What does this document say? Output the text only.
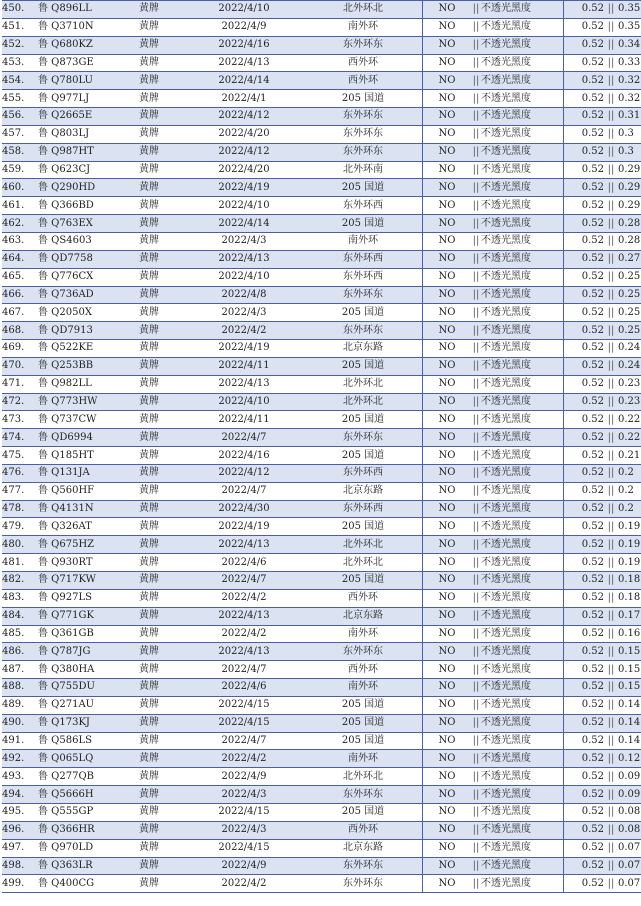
450.	鲁 Q896LL	黄牌	2022/4/10	北外环北	NO	||	不透光黑度	0.52	||	0.35
451.	鲁 Q3710N	黄牌	2022/4/9	南外环	NO	||	不透光黑度	0.52	||	0.35
452.	鲁 Q680KZ	黄牌	2022/4/16	东外环东	NO	||	不透光黑度	0.52	||	0.34
453.	鲁 Q873GE	黄牌	2022/4/13	西外环	NO	||	不透光黑度	0.52	||	0.33
454.	鲁 Q780LU	黄牌	2022/4/14	西外环	NO	||	不透光黑度	0.52	||	0.32
455.	鲁 Q977LJ	黄牌	2022/4/1	205 国道	NO	||	不透光黑度	0.52	||	0.32
456.	鲁 Q2665E	黄牌	2022/4/12	东外环东	NO	||	不透光黑度	0.52	||	0.31
457.	鲁 Q803LJ	黄牌	2022/4/20	东外环东	NO	||	不透光黑度	0.52	||	0.3
458.	鲁 Q987HT	黄牌	2022/4/12	东外环东	NO	||	不透光黑度	0.52	||	0.3
459.	鲁 Q623CJ	黄牌	2022/4/20	北外环南	NO	||	不透光黑度	0.52	||	0.29
460.	鲁 Q290HD	黄牌	2022/4/19	205 国道	NO	||	不透光黑度	0.52	||	0.29
461.	鲁 Q366BD	黄牌	2022/4/10	东外环西	NO	||	不透光黑度	0.52	||	0.29
462.	鲁 Q763EX	黄牌	2022/4/14	205 国道	NO	||	不透光黑度	0.52	||	0.28
463.	鲁 QS4603	黄牌	2022/4/3	南外环	NO	||	不透光黑度	0.52	||	0.28
464.	鲁 QD7758	黄牌	2022/4/13	东外环西	NO	||	不透光黑度	0.52	||	0.27
465.	鲁 Q776CX	黄牌	2022/4/10	东外环西	NO	||	不透光黑度	0.52	||	0.25
466.	鲁 Q736AD	黄牌	2022/4/8	东外环东	NO	||	不透光黑度	0.52	||	0.25
467.	鲁 Q2050X	黄牌	2022/4/3	205 国道	NO	||	不透光黑度	0.52	||	0.25
468.	鲁 QD7913	黄牌	2022/4/2	东外环东	NO	||	不透光黑度	0.52	||	0.25
469.	鲁 Q522KE	黄牌	2022/4/19	北京东路	NO	||	不透光黑度	0.52	||	0.24
470.	鲁 Q253BB	黄牌	2022/4/11	205 国道	NO	||	不透光黑度	0.52	||	0.24
471.	鲁 Q982LL	黄牌	2022/4/13	北外环北	NO	||	不透光黑度	0.52	||	0.23
472.	鲁 Q773HW	黄牌	2022/4/10	北外环北	NO	||	不透光黑度	0.52	||	0.23
473.	鲁 Q737CW	黄牌	2022/4/11	205 国道	NO	||	不透光黑度	0.52	||	0.22
474.	鲁 QD6994	黄牌	2022/4/7	东外环东	NO	||	不透光黑度	0.52	||	0.22
475.	鲁 Q185HT	黄牌	2022/4/16	205 国道	NO	||	不透光黑度	0.52	||	0.21
476.	鲁 Q131JA	黄牌	2022/4/12	东外环西	NO	||	不透光黑度	0.52	||	0.2
477.	鲁 Q560HF	黄牌	2022/4/7	北京东路	NO	||	不透光黑度	0.52	||	0.2
478.	鲁 Q4131N	黄牌	2022/4/30	东外环西	NO	||	不透光黑度	0.52	||	0.2
479.	鲁 Q326AT	黄牌	2022/4/19	205 国道	NO	||	不透光黑度	0.52	||	0.19
480.	鲁 Q675HZ	黄牌	2022/4/13	北外环北	NO	||	不透光黑度	0.52	||	0.19
481.	鲁 Q930RT	黄牌	2022/4/6	北外环北	NO	||	不透光黑度	0.52	||	0.19
482.	鲁 Q717KW	黄牌	2022/4/7	205 国道	NO	||	不透光黑度	0.52	||	0.18
483.	鲁 Q927LS	黄牌	2022/4/2	西外环	NO	||	不透光黑度	0.52	||	0.18
484.	鲁 Q771GK	黄牌	2022/4/13	北京东路	NO	||	不透光黑度	0.52	||	0.17
485.	鲁 Q361GB	黄牌	2022/4/2	南外环	NO	||	不透光黑度	0.52	||	0.16
486.	鲁 Q787JG	黄牌	2022/4/13	东外环东	NO	||	不透光黑度	0.52	||	0.15
487.	鲁 Q380HA	黄牌	2022/4/7	西外环	NO	||	不透光黑度	0.52	||	0.15
488.	鲁 Q755DU	黄牌	2022/4/6	南外环	NO	||	不透光黑度	0.52	||	0.15
489.	鲁 Q271AU	黄牌	2022/4/15	205 国道	NO	||	不透光黑度	0.52	||	0.14
490.	鲁 Q173KJ	黄牌	2022/4/15	205 国道	NO	||	不透光黑度	0.52	||	0.14
491.	鲁 Q586LS	黄牌	2022/4/7	205 国道	NO	||	不透光黑度	0.52	||	0.14
492.	鲁 Q065LQ	黄牌	2022/4/2	南外环	NO	||	不透光黑度	0.52	||	0.12
493.	鲁 Q277QB	黄牌	2022/4/9	北外环北	NO	||	不透光黑度	0.52	||	0.09
494.	鲁 Q5666H	黄牌	2022/4/3	东外环东	NO	||	不透光黑度	0.52	||	0.09
495.	鲁 Q555GP	黄牌	2022/4/15	205 国道	NO	||	不透光黑度	0.52	||	0.08
496.	鲁 Q366HR	黄牌	2022/4/3	西外环	NO	||	不透光黑度	0.52	||	0.08
497.	鲁 Q970LD	黄牌	2022/4/15	北京东路	NO	||	不透光黑度	0.52	||	0.07
498.	鲁 Q363LR	黄牌	2022/4/9	东外环东	NO	||	不透光黑度	0.52	||	0.07
499.	鲁 Q400CG	黄牌	2022/4/2	东外环东	NO	||	不透光黑度	0.52	||	0.07
